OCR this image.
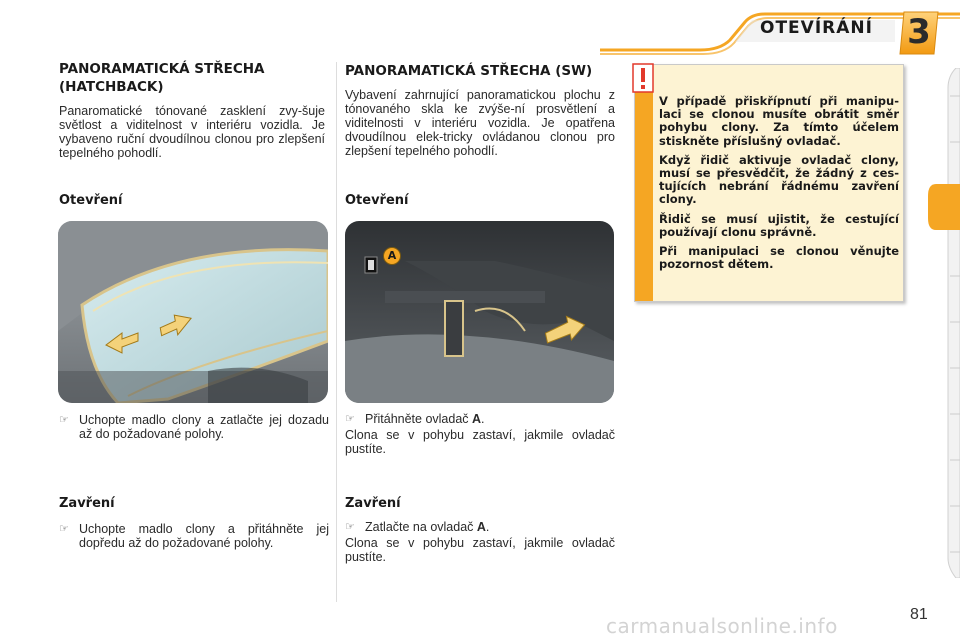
OTEVÍRÁNÍ 3
PANORAMATICKÁ STŘECHA
(HATCHBACK)
Panaromatické tónované zasklení zvy-šuje světlost a viditelnost v interiéru vozidla. Je vybaveno ruční dvoudílnou clonou pro zlepšení tepelného pohodlí.
Otevření
☞ Uchopte madlo clony a zatlačte jej dozadu až do požadované polohy.
Zavření
☞ Uchopte madlo clony a přitáhněte jej dopředu až do požadované polohy.
PANORAMATICKÁ STŘECHA (SW)
Vybavení zahrnující panoramatickou plochu z tónovaného skla ke zvýše-ní prosvětlení a viditelnosti v interiéru vozidla. Je opatřena dvoudílnou elek-tricky ovládanou clonou pro zlepšení tepelného pohodlí.
Otevření
A
☞ Přitáhněte ovladač A.
Clona se v pohybu zastaví, jakmile ovladač pustíte.
Zavření
☞ Zatlačte na ovladač A.
Clona se v pohybu zastaví, jakmile ovladač pustíte.

V případě přiskřípnutí při manipu-laci se clonou musíte obrátit směr pohybu clony. Za tímto účelem stiskněte příslušný ovladač.

Když řidič aktivuje ovladač clony, musí se přesvědčit, že žádný z ces-tujících nebrání řádnému zavření clony.

Řidič se musí ujistit, že cestující používají clonu správně.

Při manipulaci se clonou věnujte pozornost dětem.

81
carmanualsonline.info
